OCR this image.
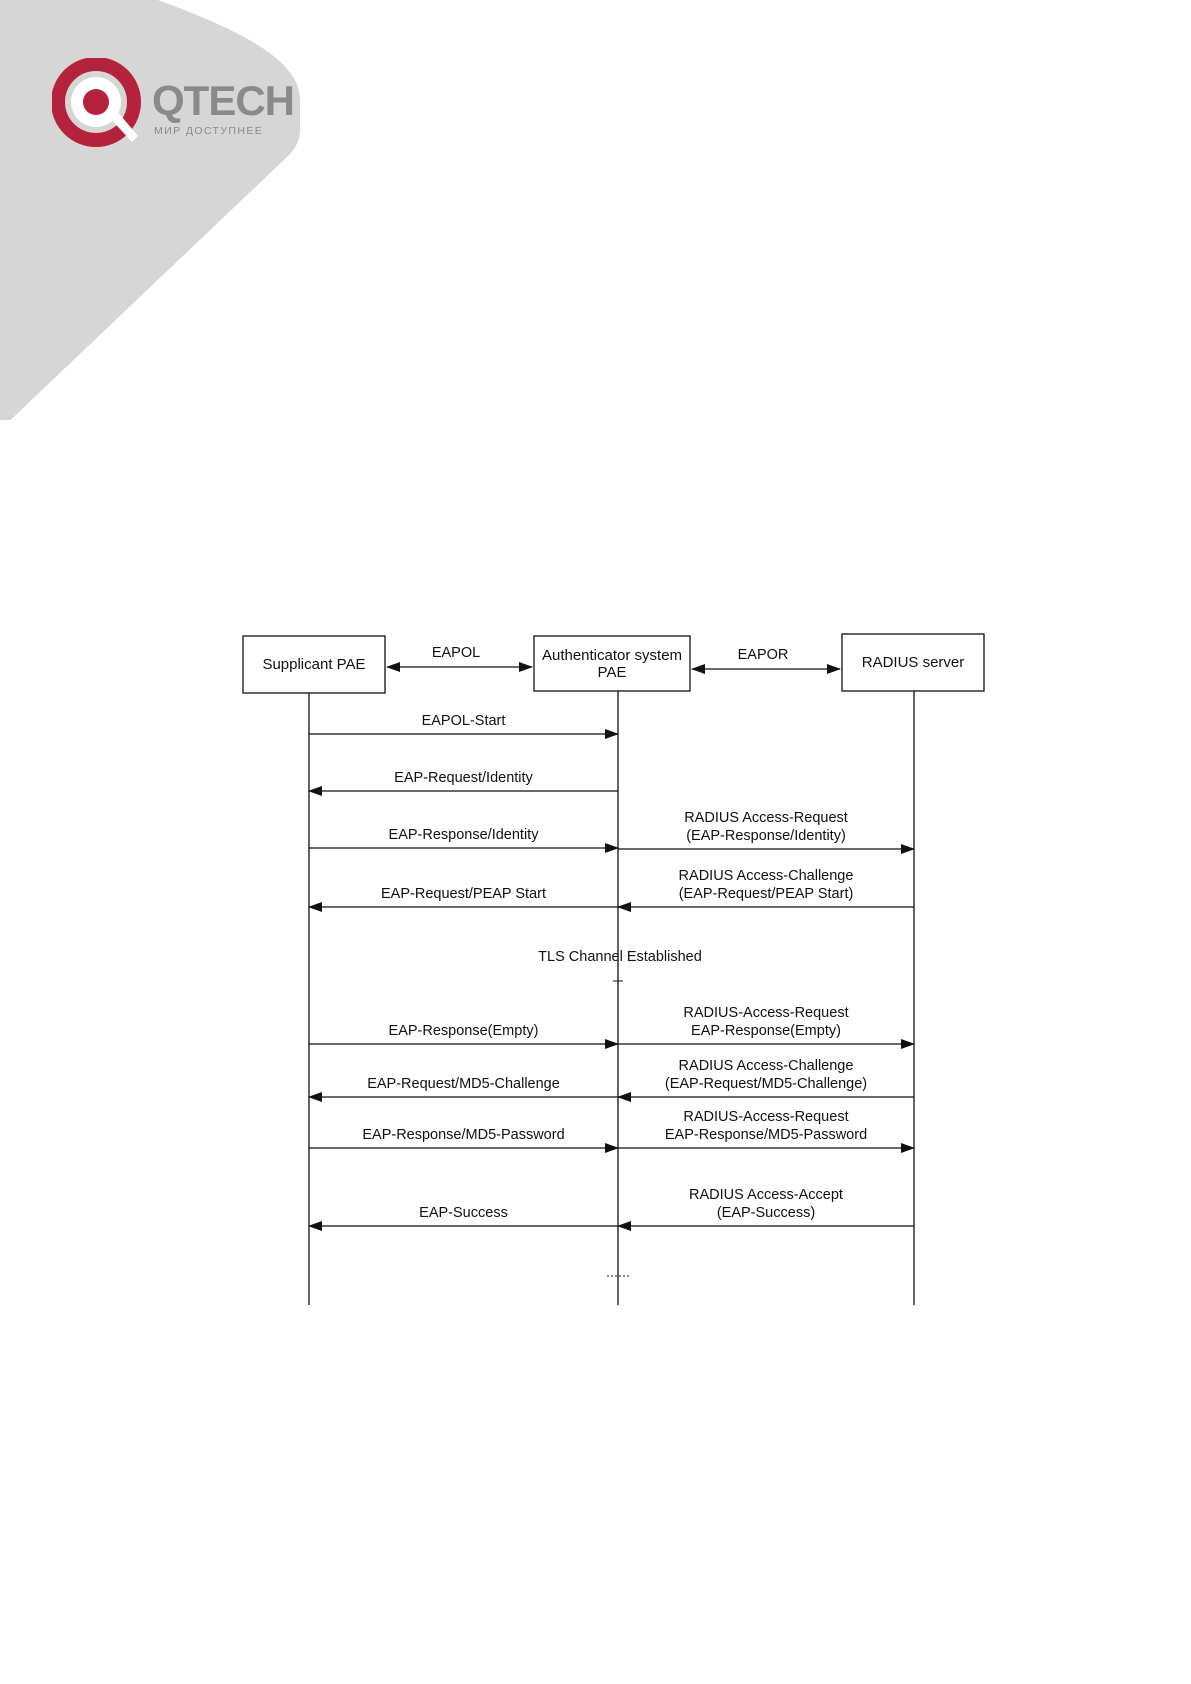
QTECH
МИР ДОСТУПНЕЕ
Supplicant PAE
Authenticator system
PAE
RADIUS server
EAPOL	EAPOR
EAPOL-Start
EAP-Request/Identity
EAP-Response/Identity
RADIUS Access-Request
(EAP-Response/Identity)
RADIUS Access-Challenge
(EAP-Request/PEAP Start)
EAP-Request/PEAP Start
EAP-Response(Empty)
RADIUS-Access-Request
EAP-Response(Empty)
RADIUS Access-Challenge
(EAP-Request/MD5-Challenge)
EAP-Request/MD5-Challenge
EAP-Response/MD5-Password
RADIUS-Access-Request
EAP-Response/MD5-Password
RADIUS Access-Accept
(EAP-Success)
EAP-Success
TLS Channel Established
